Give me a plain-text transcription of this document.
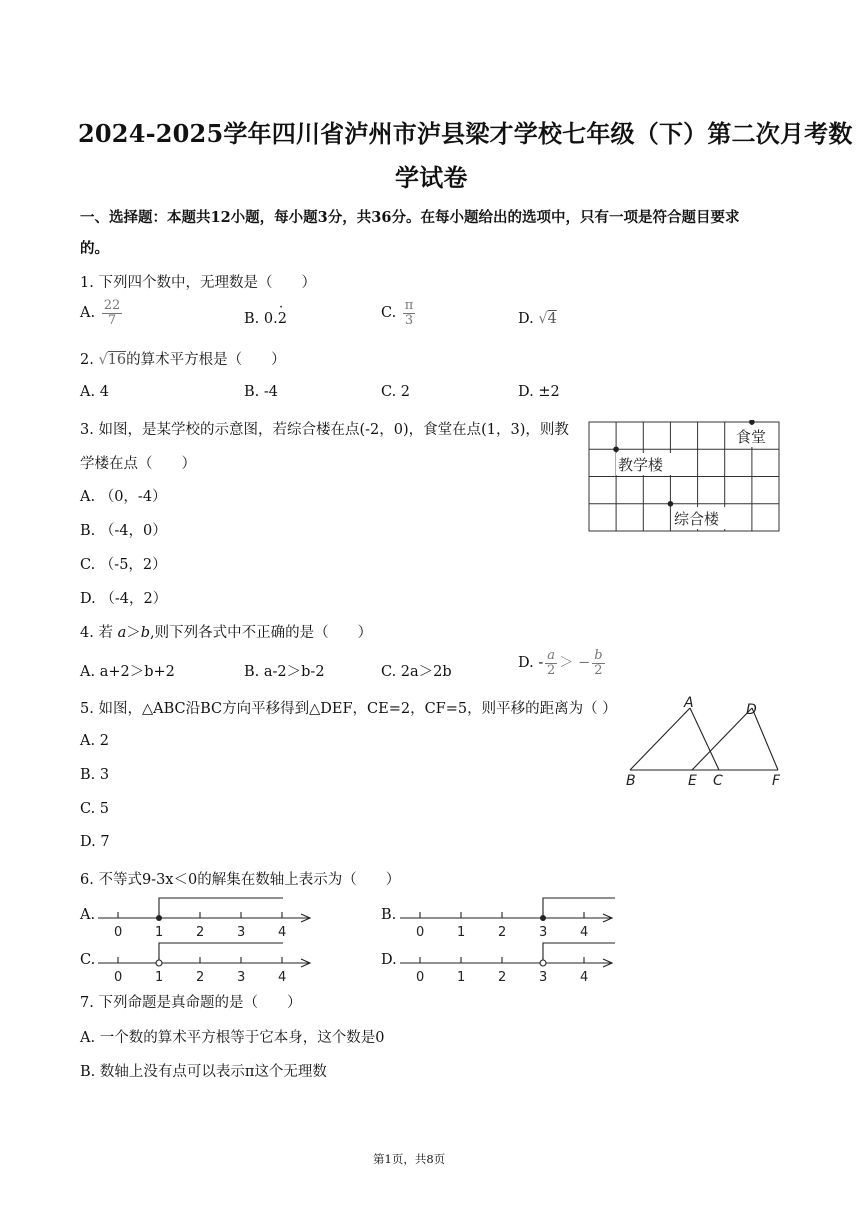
2024-2025学年四川省泸州市泸县梁才学校七年级（下）第二次月考数
学试卷
一、选择题：本题共12小题，每小题3分，共36分。在每小题给出的选项中，只有一项是符合题目要求
的。
1. 下列四个数中，无理数是（　　）
A. $\frac{22}{7}$	B. 0.2
·	C. $\frac{\pi}{3}$	D. √4
2. √16的算术平方根是（　　）
A. 4	B. -4	C. 2	D. ±2
3. 如图，是某学校的示意图，若综合楼在点(-2，0)，食堂在点(1，3)，则教
学楼在点（　　）
A. （0，-4）
B. （-4，0）
C. （-5，2）
D. （-4，2）
食堂
教学楼
综合楼
4. 若 a＞b,则下列各式中不正确的是（　　）
A. a+2＞b+2	B. a-2＞b-2	C. 2a＞2b
D. - $\frac{a}{2}$ ＞ − $\frac{b}{2}$
5. 如图，△ABC沿BC方向平移得到△DEF，CE=2，CF=5，则平移的距离为（ ）
A. 2
B. 3
C. 5
D. 7
A
B	C
D
E	F
6. 不等式9-3x＜0的解集在数轴上表示为（　　）
A.
0	1	2	3	4
B.
0	1	2	3	4
C.
0	1	2	3	4
D.
0	1	2	3	4
7. 下列命题是真命题的是（　　）
A. 一个数的算术平方根等于它本身，这个数是0
B. 数轴上没有点可以表示π这个无理数
第1页，共8页
